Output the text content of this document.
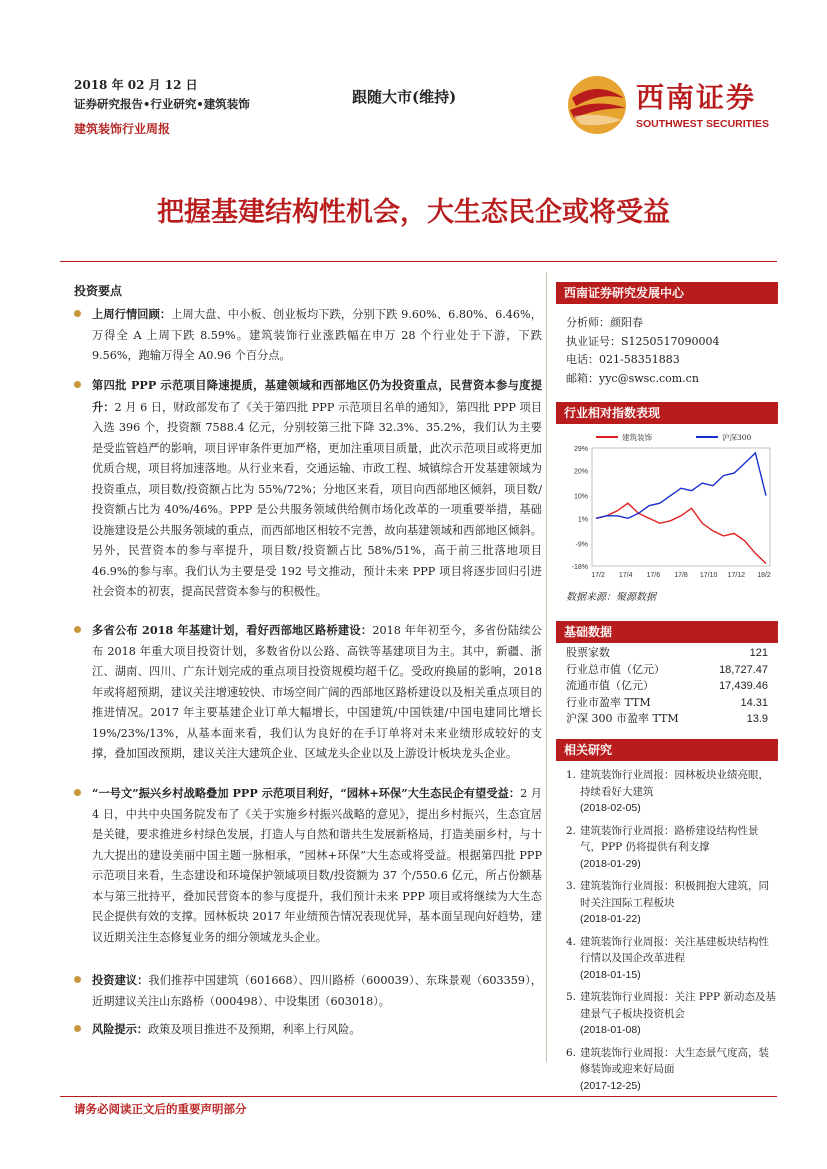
2018 年 02 月 12 日
证券研究报告•行业研究•建筑装饰
建筑装饰行业周报
跟随大市(维持)	西南证券
SOUTHWEST SECURITIES
把握基建结构性机会，大生态民企或将受益
投资要点
上周行情回顾：上周大盘、中小板、创业板均下跌，分别下跌 9.60%、6.80%、6.46%，万得全 A 上周下跌 8.59%。建筑装饰行业涨跌幅在申万 28 个行业处于下游，下跌 9.56%，跑输万得全 A0.96 个百分点。
第四批 PPP 示范项目降速提质，基建领域和西部地区仍为投资重点，民营资本参与度提升：2 月 6 日，财政部发布了《关于第四批 PPP 示范项目名单的通知》，第四批 PPP 项目入选 396 个，投资额 7588.4 亿元，分别较第三批下降 32.3%、35.2%，我们认为主要是受监管趋严的影响，项目评审条件更加严格，更加注重项目质量，此次示范项目或将更加优质合规，项目将加速落地。从行业来看，交通运输、市政工程、城镇综合开发基建领域为投资重点，项目数/投资额占比为 55%/72%；分地区来看，项目向西部地区倾斜，项目数/投资额占比为 40%/46%。PPP 是公共服务领域供给侧市场化改革的一项重要举措，基础设施建设是公共服务领域的重点，而西部地区相较不完善，故向基建领域和西部地区倾斜。另外，民营资本的参与率提升，项目数/投资额占比 58%/51%，高于前三批落地项目 46.9%的参与率。我们认为主要是受 192 号文推动，预计未来 PPP 项目将逐步回归引进社会资本的初衷，提高民营资本参与的积极性。
多省公布 2018 年基建计划，看好西部地区路桥建设：2018 年年初至今，多省份陆续公布 2018 年重大项目投资计划，多数省份以公路、高铁等基建项目为主。其中，新疆、浙江、湖南、四川、广东计划完成的重点项目投资规模均超千亿。受政府换届的影响，2018 年或将超预期，建议关注增速较快、市场空间广阔的西部地区路桥建设以及相关重点项目的推进情况。2017 年主要基建企业订单大幅增长，中国建筑/中国铁建/中国电建同比增长 19%/23%/13%，从基本面来看，我们认为良好的在手订单将对未来业绩形成较好的支撑，叠加国改预期，建议关注大建筑企业、区域龙头企业以及上游设计板块龙头企业。
“一号文”振兴乡村战略叠加 PPP 示范项目利好，“园林+环保”大生态民企有望受益：2 月 4 日，中共中央国务院发布了《关于实施乡村振兴战略的意见》，提出乡村振兴，生态宜居是关键，要求推进乡村绿色发展，打造人与自然和谐共生发展新格局，打造美丽乡村，与十九大提出的建设美丽中国主题一脉相承，“园林+环保”大生态或将受益。根据第四批 PPP 示范项目来看，生态建设和环境保护领域项目数/投资额为 37 个/550.6 亿元，所占份额基本与第三批持平，叠加民营资本的参与度提升，我们预计未来 PPP 项目或将继续为大生态民企提供有效的支撑。园林板块 2017 年业绩预告情况表现优异，基本面呈现向好趋势，建议近期关注生态修复业务的细分领域龙头企业。
投资建议：我们推荐中国建筑（601668）、四川路桥（600039）、东珠景观（603359），近期建议关注山东路桥（000498）、中设集团（603018）。
风险提示：政策及项目推进不及预期，利率上行风险。
西南证券研究发展中心
分析师：颜阳春
执业证号：S1250517090004
电话：021-58351883
邮箱：yyc@swsc.com.cn
行业相对指数表现
建筑装饰	沪深300
29%
20%
10%
1%
-9%
-18%
17/2 17/4 17/6 17/8 17/10 17/12 18/2
数据来源：聚源数据
基础数据
股票家数	121
行业总市值（亿元）	18,727.47
流通市值（亿元）	17,439.46
行业市盈率 TTM	14.31
沪深 300 市盈率 TTM	13.9
相关研究
1. 建筑装饰行业周报：园林板块业绩亮眼，持续看好大建筑
(2018-02-05)
2. 建筑装饰行业周报：路桥建设结构性景气，PPP 仍将提供有利支撑
(2018-01-29)
3. 建筑装饰行业周报：积极拥抱大建筑，同时关注国际工程板块
(2018-01-22)
4. 建筑装饰行业周报：关注基建板块结构性行情以及国企改革进程
(2018-01-15)
5. 建筑装饰行业周报：关注 PPP 新动态及基建景气子板块投资机会
(2018-01-08)
6. 建筑装饰行业周报：大生态景气度高，装修装饰或迎来好局面
(2017-12-25)
请务必阅读正文后的重要声明部分
